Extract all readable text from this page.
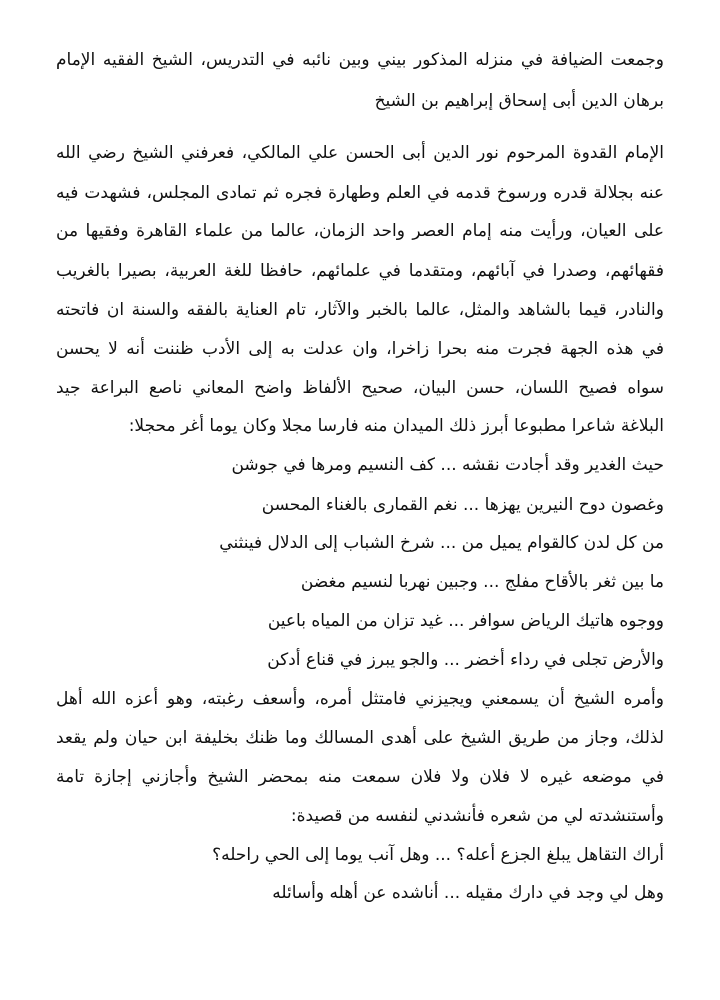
وجمعت الضيافة في منزله المذكور بيني وبين نائبه في التدريس، الشيخ الفقيه الإمام
برهان الدين أبى إسحاق إبراهيم بن الشيخ
الإمام القدوة المرحوم نور الدين أبى الحسن علي المالكي، فعرفني الشيخ رضي الله
عنه بجلالة قدره ورسوخ قدمه في العلم وطهارة فجره ثم تمادى المجلس، فشهدت فيه
على العيان، ورأيت منه إمام العصر واحد الزمان، عالما من علماء القاهرة وفقيها من
فقهائهم، وصدرا في آبائهم، ومتقدما في علمائهم، حافظا للغة العربية، بصيرا بالغريب
والنادر، قيما بالشاهد والمثل، عالما بالخبر والآثار، تام العناية بالفقه والسنة ان فاتحته
في هذه الجهة فجرت منه بحرا زاخرا، وان عدلت به إلى الأدب ظننت أنه لا يحسن
سواه فصيح اللسان، حسن البيان، صحيح الألفاظ واضح المعاني ناصع البراعة جيد
البلاغة شاعرا مطبوعا أبرز ذلك الميدان منه فارسا مجلا وكان يوما أغر محجلا:
حيث الغدير وقد أجادت نقشه ... كف النسيم ومرها في جوشن
وغصون دوح النيرين يهزها ... نغم القمارى بالغناء المحسن
من كل لدن كالقوام يميل من ... شرخ الشباب إلى الدلال فينثني
ما بين ثغر بالأقاح مفلج ... وجبين نهربا لنسيم مغضن
ووجوه هاتيك الرياض سوافر ... غيد تزان من المياه باعين
والأرض تجلى في رداء أخضر ... والجو يبرز في قناع أدكن
وأمره الشيخ أن يسمعني ويجيزني فامتثل أمره، وأسعف رغبته، وهو أعزه الله أهل
لذلك، وجاز من طريق الشيخ على أهدى المسالك وما ظنك بخليفة ابن حيان ولم يقعد
في موضعه غيره لا فلان ولا فلان سمعت منه بمحضر الشيخ وأجازني إجازة تامة
وأستنشدته لي من شعره فأنشدني لنفسه من قصيدة:
أراك التقاهل يبلغ الجزع أعله؟ ... وهل آنب يوما إلى الحي راحله؟
وهل لي وجد في دارك مقيله ... أناشده عن أهله وأسائله
